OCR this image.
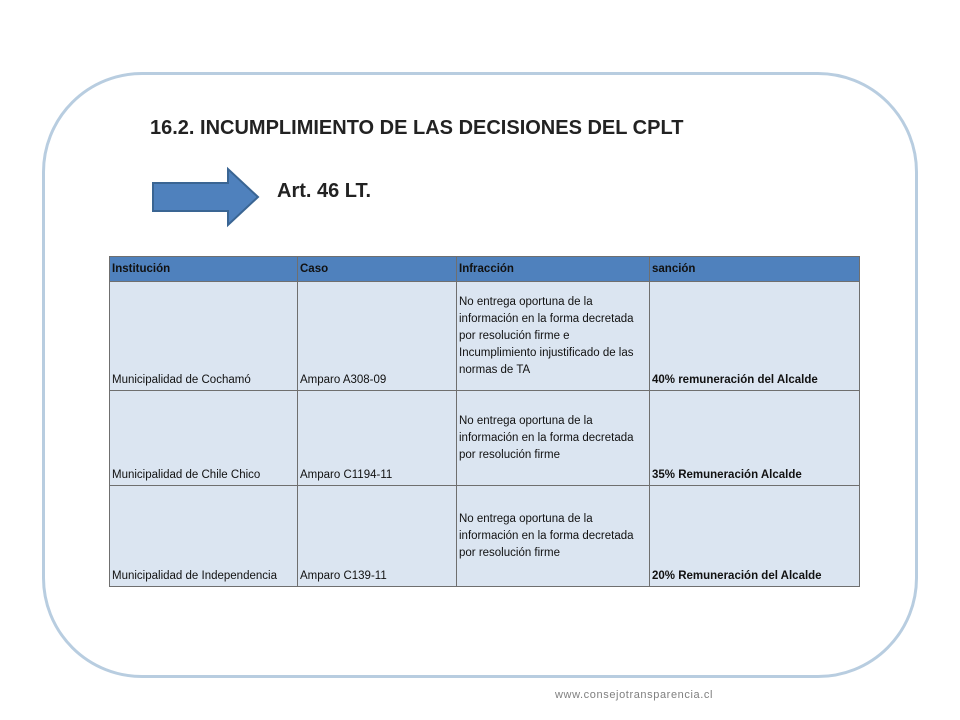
16.2. INCUMPLIMIENTO DE LAS DECISIONES DEL CPLT
Art. 46 LT.
Institución	Caso	Infracción	sanción
Municipalidad de Cochamó	Amparo A308-09	No entrega oportuna de la información en la forma decretada por resolución firme e Incumplimiento injustificado de las normas de TA	40% remuneración del Alcalde
Municipalidad de Chile Chico	Amparo C1194-11	No entrega oportuna de la información en la forma decretada por resolución firme	35% Remuneración Alcalde
Municipalidad de Independencia	Amparo C139-11	No entrega oportuna de la información en la forma decretada por resolución firme	20% Remuneración del Alcalde
www.consejotransparencia.cl
